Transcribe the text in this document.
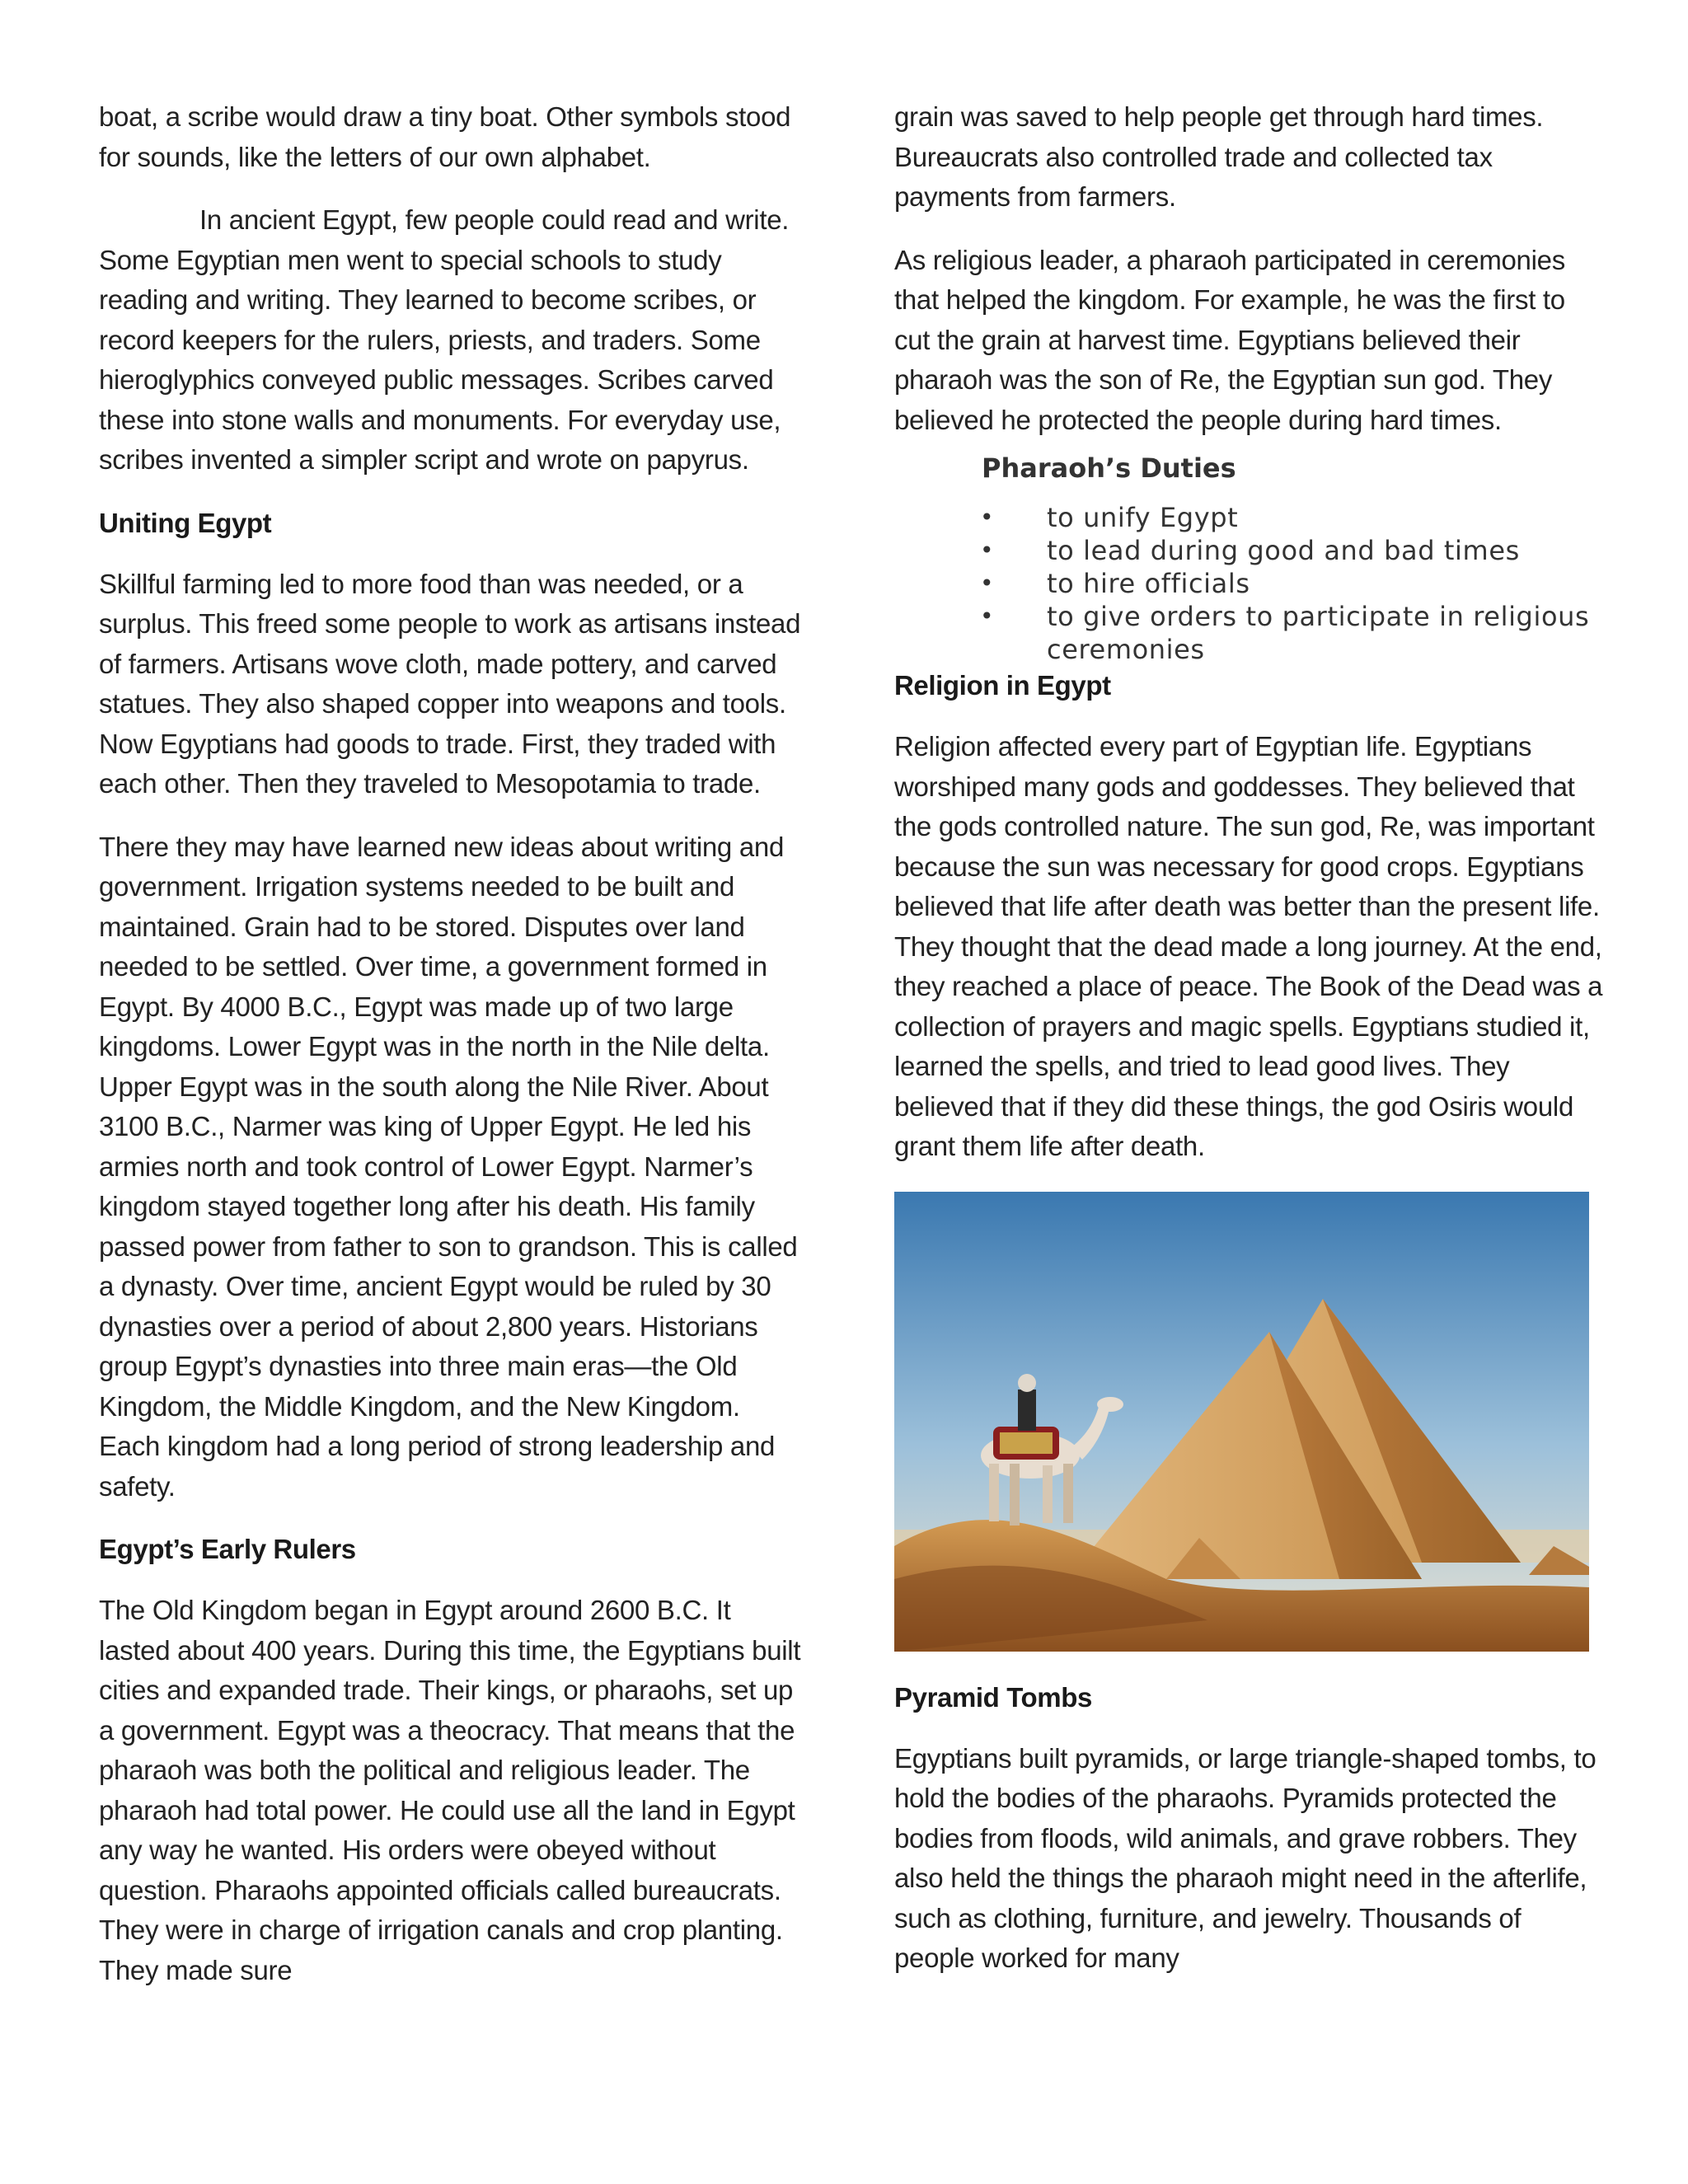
boat, a scribe would draw a tiny boat. Other symbols stood for sounds, like the letters of our own alphabet.

In ancient Egypt, few people could read and write. Some Egyptian men went to special schools to study reading and writing. They learned to become scribes, or record keepers for the rulers, priests, and traders. Some hieroglyphics conveyed public messages. Scribes carved these into stone walls and monuments. For everyday use, scribes invented a simpler script and wrote on papyrus.

Uniting Egypt

Skillful farming led to more food than was needed, or a surplus. This freed some people to work as artisans instead of farmers. Artisans wove cloth, made pottery, and carved statues. They also shaped copper into weapons and tools. Now Egyptians had goods to trade. First, they traded with each other. Then they traveled to Mesopotamia to trade.

There they may have learned new ideas about writing and government. Irrigation systems needed to be built and maintained. Grain had to be stored. Disputes over land needed to be settled. Over time, a government formed in Egypt. By 4000 B.C., Egypt was made up of two large kingdoms. Lower Egypt was in the north in the Nile delta. Upper Egypt was in the south along the Nile River. About 3100 B.C., Narmer was king of Upper Egypt. He led his armies north and took control of Lower Egypt. Narmer’s kingdom stayed together long after his death. His family passed power from father to son to grandson. This is called a dynasty. Over time, ancient Egypt would be ruled by 30 dynasties over a period of about 2,800 years. Historians group Egypt’s dynasties into three main eras—the Old Kingdom, the Middle Kingdom, and the New Kingdom. Each kingdom had a long period of strong leadership and safety.

Egypt’s Early Rulers

The Old Kingdom began in Egypt around 2600 B.C. It lasted about 400 years. During this time, the Egyptians built cities and expanded trade. Their kings, or pharaohs, set up a government. Egypt was a theocracy. That means that the pharaoh was both the political and religious leader. The pharaoh had total power. He could use all the land in Egypt any way he wanted. His orders were obeyed without question. Pharaohs appointed officials called bureaucrats. They were in charge of irrigation canals and crop planting. They made sure

grain was saved to help people get through hard times. Bureaucrats also controlled trade and collected tax payments from farmers.

As religious leader, a pharaoh participated in ceremonies that helped the kingdom. For example, he was the first to cut the grain at harvest time. Egyptians believed their pharaoh was the son of Re, the Egyptian sun god. They believed he protected the people during hard times.

Pharaoh’s Duties
• to unify Egypt
• to lead during good and bad times
• to hire officials
• to give orders to participate in religious ceremonies

Religion in Egypt

Religion affected every part of Egyptian life. Egyptians worshiped many gods and goddesses. They believed that the gods controlled nature. The sun god, Re, was important because the sun was necessary for good crops. Egyptians believed that life after death was better than the present life. They thought that the dead made a long journey. At the end, they reached a place of peace. The Book of the Dead was a collection of prayers and magic spells. Egyptians studied it, learned the spells, and tried to lead good lives. They believed that if they did these things, the god Osiris would grant them life after death.

Pyramid Tombs

Egyptians built pyramids, or large triangle-shaped tombs, to hold the bodies of the pharaohs. Pyramids protected the bodies from floods, wild animals, and grave robbers. They also held the things the pharaoh might need in the afterlife, such as clothing, furniture, and jewelry. Thousands of people worked for many
